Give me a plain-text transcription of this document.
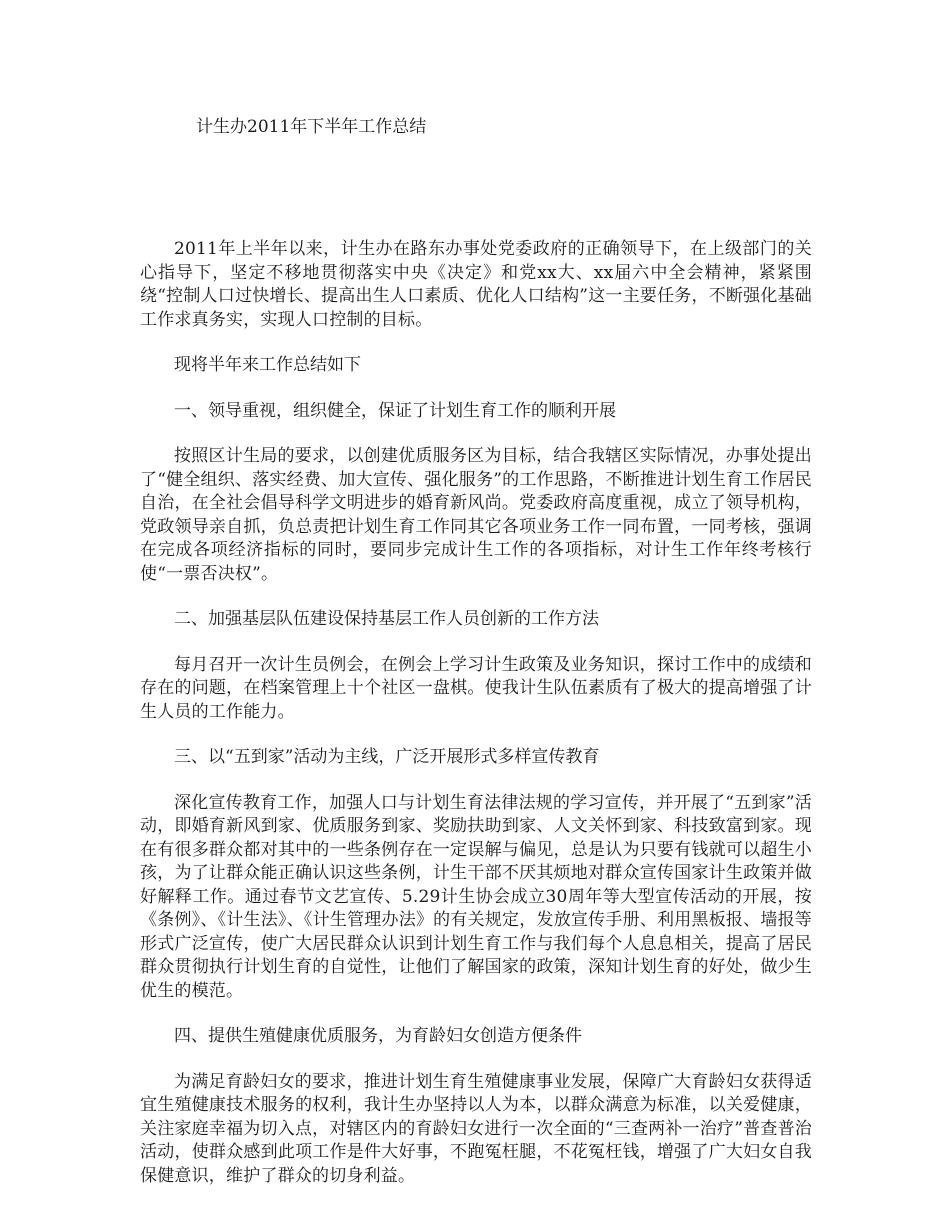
计生办2011年下半年工作总结

2011年上半年以来，计生办在路东办事处党委政府的正确领导下，在上级部门的关心指导下，坚定不移地贯彻落实中央《决定》和党xx大、xx届六中全会精神，紧紧围绕“控制人口过快增长、提高出生人口素质、优化人口结构”这一主要任务，不断强化基础工作求真务实，实现人口控制的目标。

现将半年来工作总结如下

一、领导重视，组织健全，保证了计划生育工作的顺利开展

按照区计生局的要求，以创建优质服务区为目标，结合我辖区实际情况，办事处提出了“健全组织、落实经费、加大宣传、强化服务”的工作思路，不断推进计划生育工作居民自治，在全社会倡导科学文明进步的婚育新风尚。党委政府高度重视，成立了领导机构，党政领导亲自抓，负总责把计划生育工作同其它各项业务工作一同布置，一同考核，强调在完成各项经济指标的同时，要同步完成计生工作的各项指标，对计生工作年终考核行使“一票否决权”。

二、加强基层队伍建设保持基层工作人员创新的工作方法

每月召开一次计生员例会，在例会上学习计生政策及业务知识，探讨工作中的成绩和存在的问题，在档案管理上十个社区一盘棋。使我计生队伍素质有了极大的提高增强了计生人员的工作能力。

三、以“五到家”活动为主线，广泛开展形式多样宣传教育

深化宣传教育工作，加强人口与计划生育法律法规的学习宣传，并开展了“五到家”活动，即婚育新风到家、优质服务到家、奖励扶助到家、人文关怀到家、科技致富到家。现在有很多群众都对其中的一些条例存在一定误解与偏见，总是认为只要有钱就可以超生小孩，为了让群众能正确认识这些条例，计生干部不厌其烦地对群众宣传国家计生政策并做好解释工作。通过春节文艺宣传、5.29计生协会成立30周年等大型宣传活动的开展，按《条例》、《计生法》、《计生管理办法》的有关规定，发放宣传手册、利用黑板报、墙报等形式广泛宣传，使广大居民群众认识到计划生育工作与我们每个人息息相关，提高了居民群众贯彻执行计划生育的自觉性，让他们了解国家的政策，深知计划生育的好处，做少生优生的模范。

四、提供生殖健康优质服务，为育龄妇女创造方便条件

为满足育龄妇女的要求，推进计划生育生殖健康事业发展，保障广大育龄妇女获得适宜生殖健康技术服务的权利，我计生办坚持以人为本，以群众满意为标准，以关爱健康，关注家庭幸福为切入点，对辖区内的育龄妇女进行一次全面的“三查两补一治疗”普查普治活动，使群众感到此项工作是件大好事，不跑冤枉腿，不花冤枉钱，增强了广大妇女自我保健意识，维护了群众的切身利益。
